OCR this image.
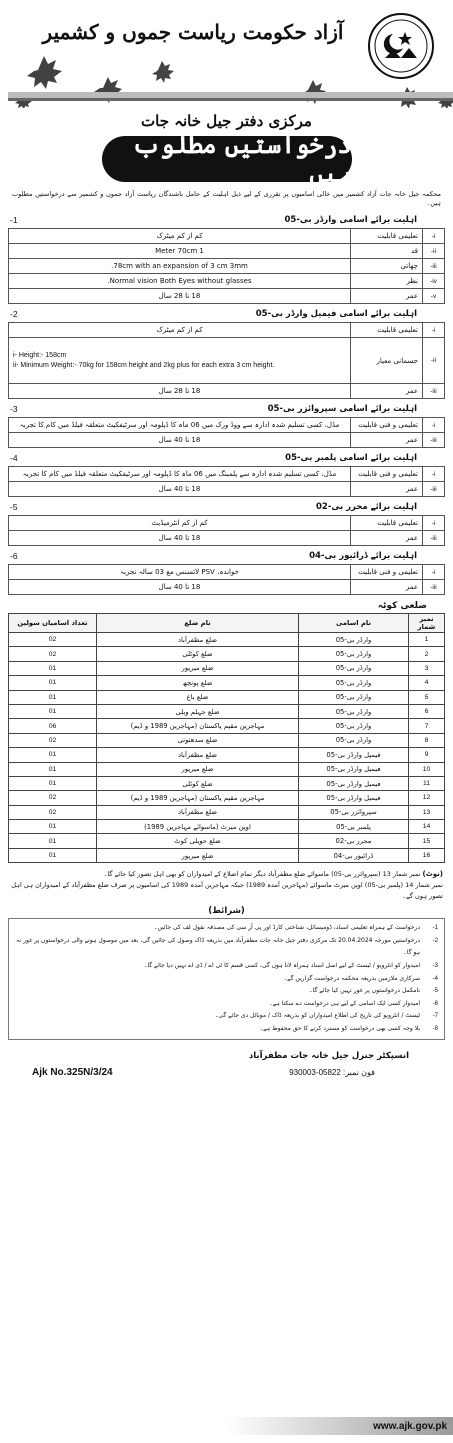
آزاد حکومت ریاست جموں و کشمیر
مرکزی دفتر جیل خانہ جات
درخواستیں مطلوب ہیں

محکمہ جیل خانہ جات آزاد کشمیر میں خالی اسامیوں پر تقرری کے لیے ذیل اہلیت کے حامل باشندگان ریاست آزاد جموں و کشمیر سے درخواستیں مطلوب ہیں۔

اہلیت برائے اسامی وارڈر بی-05
1-
i-	تعلیمی قابلیت	کم از کم میٹرک
ii-	قد	1 Meter 70cm
iii-	چھاتی	78cm with an expansion of 3 cm 3mm.
iv-	نظر	Normal vision Both Eyes without glasses.
v-	عمر	18 تا 28 سال
اہلیت برائے اسامی فیمیل وارڈر بی-05
2-
i-	تعلیمی قابلیت	کم از کم میٹرک
ii-	جسمانی معیار	i- Height:- 158cm
ii- Minimum Weight:- 70kg for 158cm height and 2kg plus for each extra 3 cm height.
iii-	عمر	18 تا 28 سال
اہلیت برائے اسامی سپروائزر بی-05
3-
i-	تعلیمی و فنی قابلیت	مڈل، کسی تسلیم شدہ ادارہ سے ووڈ ورک میں 06 ماہ کا ڈپلومہ اور سرٹیفکیٹ متعلقہ فیلڈ میں کام کا تجربہ
iii-	عمر	18 تا 40 سال
اہلیت برائے اسامی پلمبر بی-05
4-
i-	تعلیمی و فنی قابلیت	مڈل، کسی تسلیم شدہ ادارہ سے پلمبنگ میں 06 ماہ کا ڈپلومہ اور سرٹیفکیٹ متعلقہ فیلڈ میں کام کا تجربہ
iii-	عمر	18 تا 40 سال
اہلیت برائے محرر بی-02
5-
i-	تعلیمی قابلیت	کم از کم انٹرمیڈیٹ
iii-	عمر	18 تا 40 سال
اہلیت برائے ڈرائیور بی-04
6-
i-	تعلیمی و فنی قابلیت	خواندہ، PSV لائسنس مع 03 سالہ تجربہ
iii-	عمر	18 تا 40 سال
ضلعی کوٹہ
نمبر شمار	نام اسامی	نام ضلع	تعداد اسامیاں سولین
1	وارڈر بی-05	ضلع مظفرآباد	02
2	وارڈر بی-05	ضلع کوٹلی	02
3	وارڈر بی-05	ضلع میرپور	01
4	وارڈر بی-05	ضلع پونچھ	01
5	وارڈر بی-05	ضلع باغ	01
6	وارڈر بی-05	ضلع جہلم ویلی	01
7	وارڈر بی-05	مہاجرین مقیم پاکستان (مہاجرین 1989 و ڈیم)	06
8	وارڈر بی-05	ضلع سدھنوتی	02
9	فیمیل وارڈر بی-05	ضلع مظفرآباد	01
10	فیمیل وارڈر بی-05	ضلع میرپور	01
11	فیمیل وارڈر بی-05	ضلع کوٹلی	01
12	فیمیل وارڈر بی-05	مہاجرین مقیم پاکستان (مہاجرین 1989 و ڈیم)	02
13	سپروائزر بی-05	ضلع مظفرآباد	02
14	پلمبر بی-05	اوپن میرٹ (ماسوائے مہاجرین 1989)	01
15	محرر بی-02	ضلع حویلی کوٹ	01
16	ڈرائیور بی-04	ضلع میرپور	01
(نوٹ) نمبر شمار 13 (سپروائزر بی-05) ماسوائے ضلع مظفرآباد دیگر تمام اضلاع کے امیدواران کو بھی اہل تصور کیا جائے گا۔
نمبر شمار 14 (پلمبر بی-05) اوپن میرٹ ماسوائے (مہاجرین آمدہ 1989) جبکہ مہاجرین آمدہ 1989 کی اسامیوں پر صرف ضلع مظفرآباد کے امیدواران ہی اہل تصور ہوں گے۔
(شرائط)
1-
درخواست کے ہمراہ تعلیمی اسناد، ڈومیسائل، شناختی کارڈ اور پی آر سی کی مصدقہ نقول لف کی جائیں۔
2-
درخواستیں مورخہ 20.04.2024 تک مرکزی دفتر جیل خانہ جات مظفرآباد میں بذریعہ ڈاک وصول کی جائیں گی، بعد میں موصول ہونے والی درخواستوں پر غور نہ ہو گا۔
3-
امیدوار کو انٹرویو / ٹیسٹ کے لیے اصل اسناد ہمراہ لانا ہوں گی، کسی قسم کا ٹی اے / ڈی اے نہیں دیا جائے گا۔
4-
سرکاری ملازمین بذریعہ محکمہ درخواست گزاریں گے۔
5-
نامکمل درخواستوں پر غور نہیں کیا جائے گا۔
6-
امیدوار کسی ایک اسامی کے لیے ہی درخواست دے سکتا ہے۔
7-
ٹیسٹ / انٹرویو کی تاریخ کی اطلاع امیدواران کو بذریعہ ڈاک / موبائل دی جائے گی۔
8-
بلا وجہ کسی بھی درخواست کو مسترد کرنے کا حق محفوظ ہے۔
انسپکٹر جنرل جیل خانہ جات مظفرآباد
Ajk No.325N/3/24	فون نمبر: 05822-930003
www.ajk.gov.pk
